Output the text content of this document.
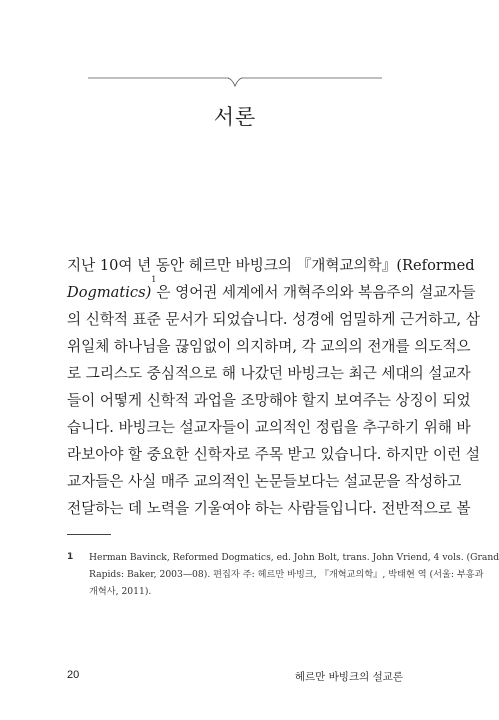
서론
지난 10여 년 동안 헤르만 바빙크의 『개혁교의학』(Reformed
Dogmatics)$^1$은 영어권 세계에서 개혁주의와 복음주의 설교자들
의 신학적 표준 문서가 되었습니다. 성경에 엄밀하게 근거하고, 삼
위일체 하나님을 끊임없이 의지하며, 각 교의의 전개를 의도적으
로 그리스도 중심적으로 해 나갔던 바빙크는 최근 세대의 설교자
들이 어떻게 신학적 과업을 조망해야 할지 보여주는 상징이 되었
습니다. 바빙크는 설교자들이 교의적인 정립을 추구하기 위해 바
라보아야 할 중요한 신학자로 주목 받고 있습니다. 하지만 이런 설
교자들은 사실 매주 교의적인 논문들보다는 설교문을 작성하고
전달하는 데 노력을 기울여야 하는 사람들입니다. 전반적으로 볼
1 Herman Bavinck, Reformed Dogmatics, ed. John Bolt, trans. John Vriend, 4 vols. (Grand
Rapids: Baker, 2003—08). 편집자 주: 헤르만 바빙크, 『개혁교의학』, 박태현 역 (서울: 부흥과
개혁사, 2011).
20	헤르만 바빙크의 설교론
